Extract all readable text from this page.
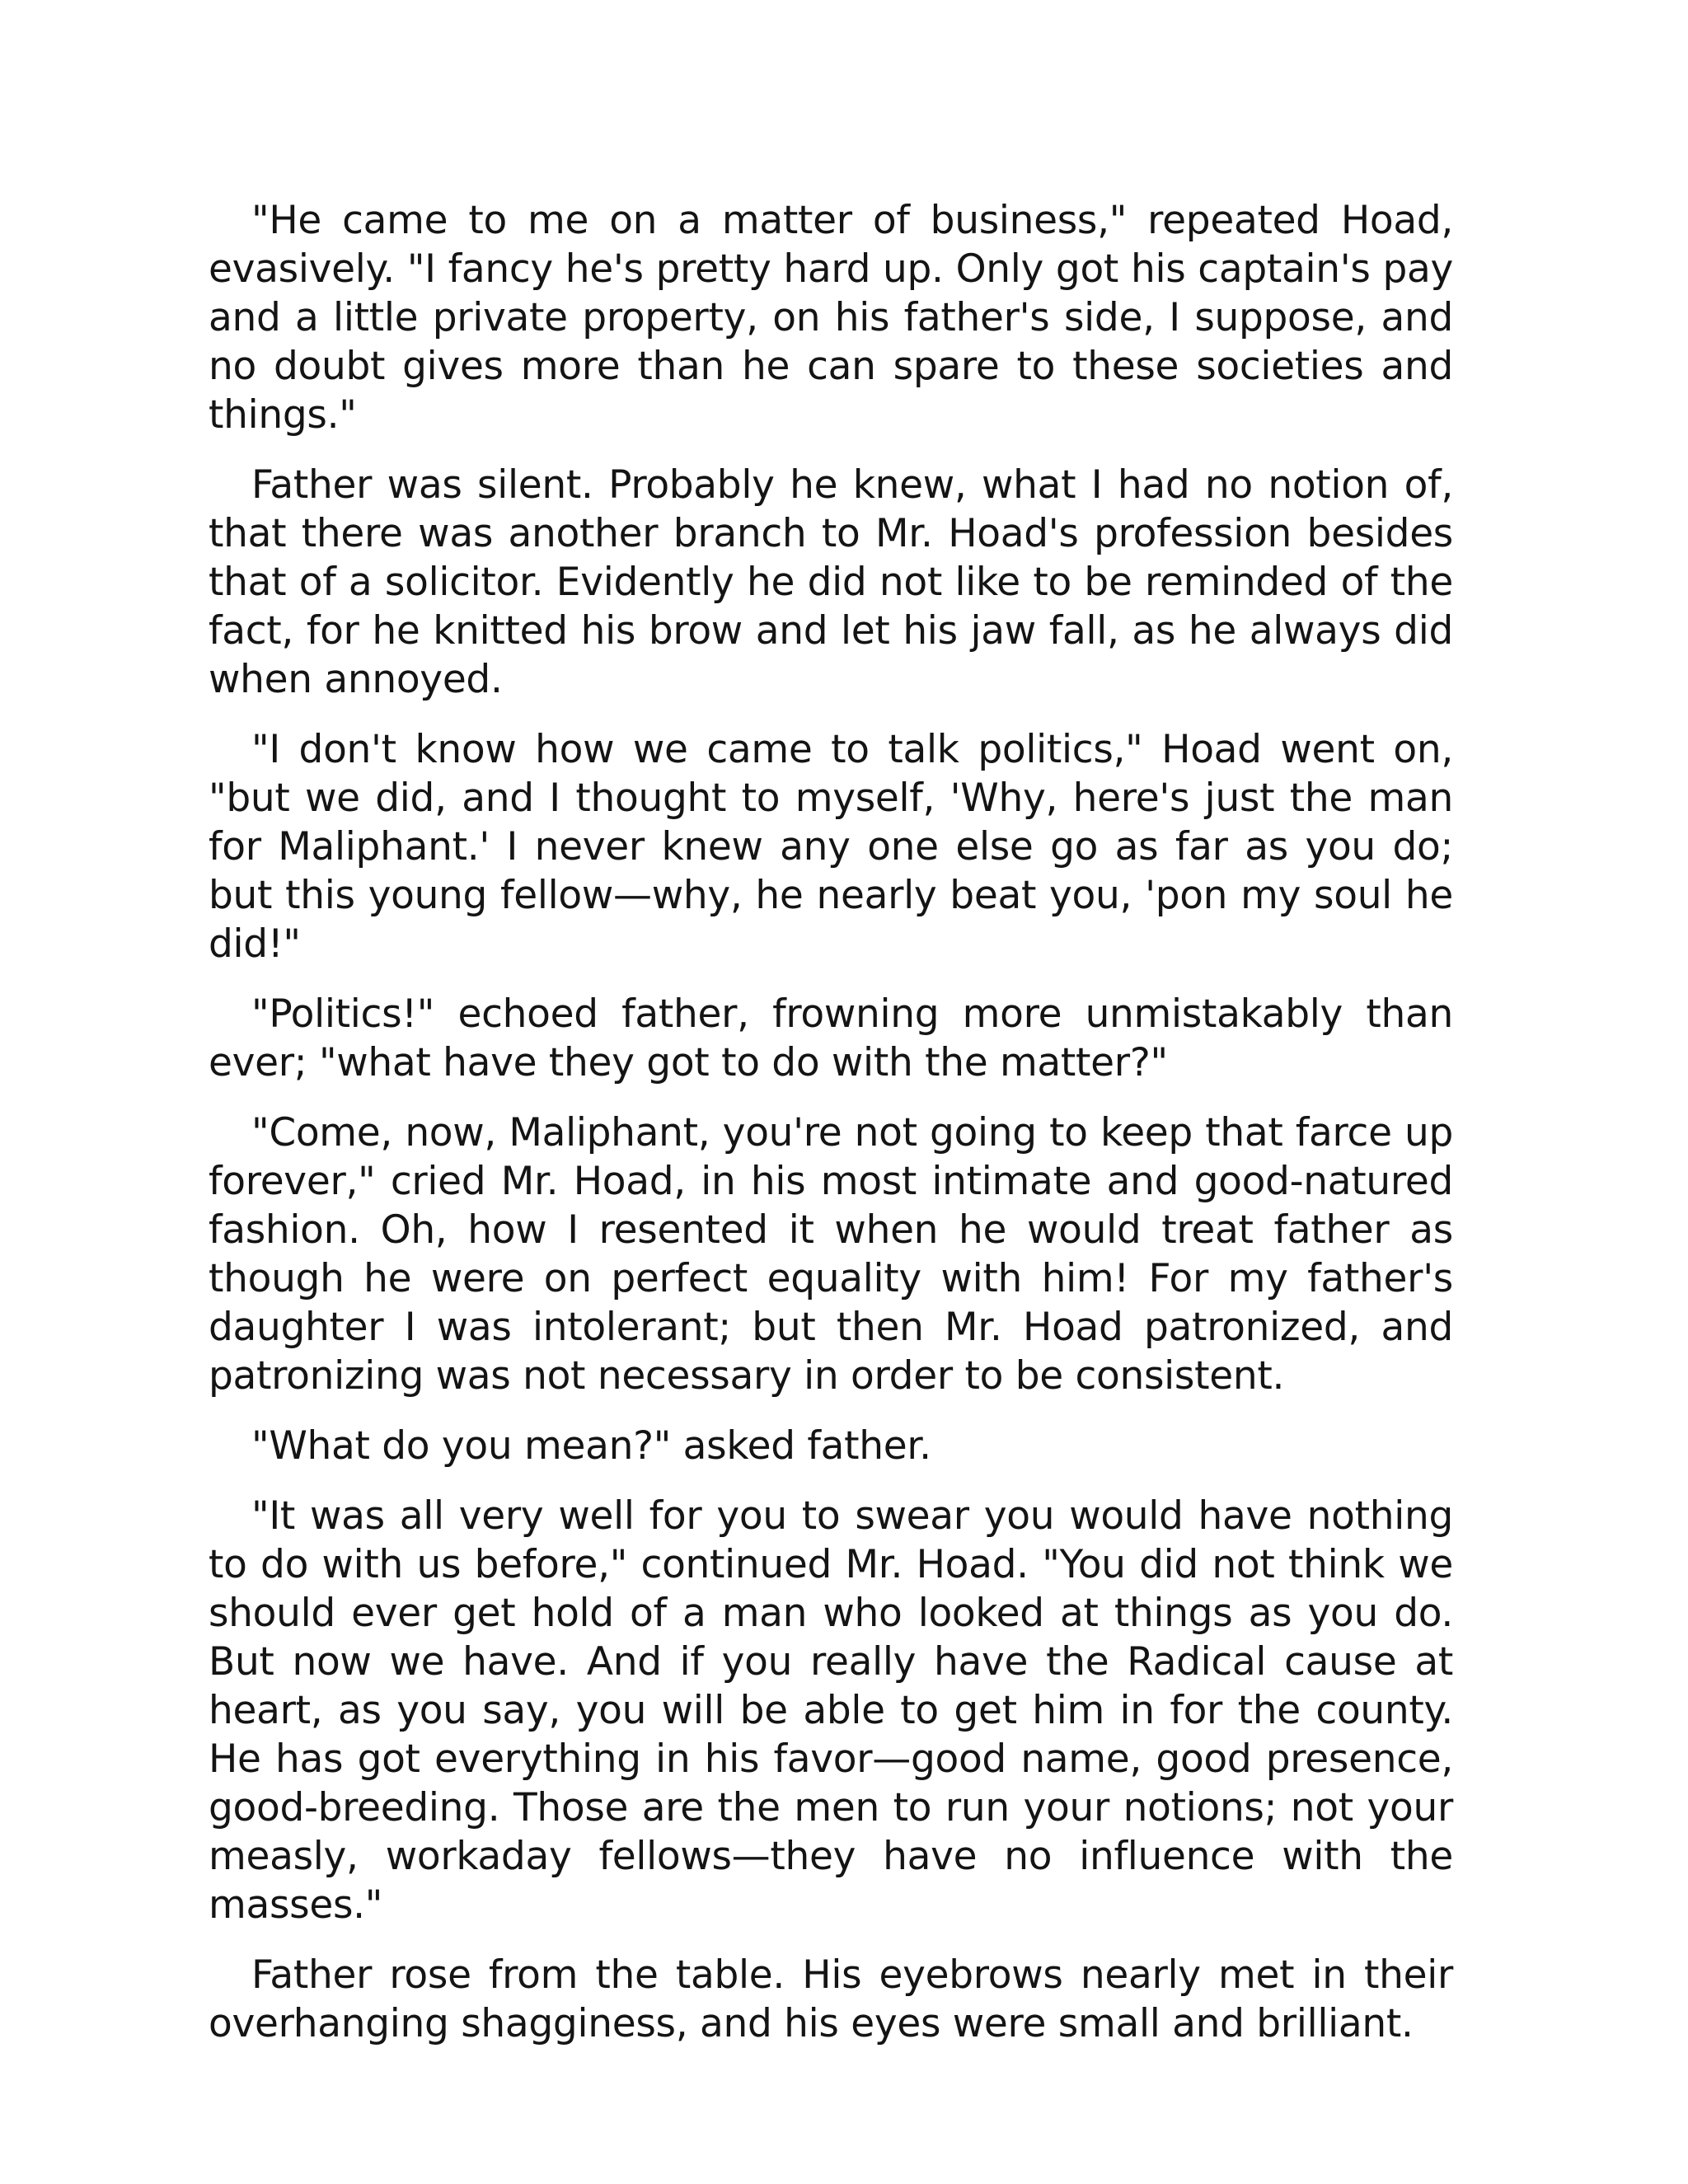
"He came to me on a matter of business," repeated Hoad, evasively. "I fancy he's pretty hard up. Only got his captain's pay and a little private property, on his father's side, I suppose, and no doubt gives more than he can spare to these societies and things."

Father was silent. Probably he knew, what I had no notion of, that there was another branch to Mr. Hoad's profession besides that of a solicitor. Evidently he did not like to be reminded of the fact, for he knitted his brow and let his jaw fall, as he always did when annoyed.

"I don't know how we came to talk politics," Hoad went on, "but we did, and I thought to myself, 'Why, here's just the man for Maliphant.' I never knew any one else go as far as you do; but this young fellow—why, he nearly beat you, 'pon my soul he did!"

"Politics!" echoed father, frowning more unmistakably than ever; "what have they got to do with the matter?"

"Come, now, Maliphant, you're not going to keep that farce up forever," cried Mr. Hoad, in his most intimate and good-natured fashion. Oh, how I resented it when he would treat father as though he were on perfect equality with him! For my father's daughter I was intolerant; but then Mr. Hoad patronized, and patronizing was not necessary in order to be consistent.

"What do you mean?" asked father.

"It was all very well for you to swear you would have nothing to do with us before," continued Mr. Hoad. "You did not think we should ever get hold of a man who looked at things as you do. But now we have. And if you really have the Radical cause at heart, as you say, you will be able to get him in for the county. He has got everything in his favor—good name, good presence, good-breeding. Those are the men to run your notions; not your measly, workaday fellows—they have no influence with the masses."

Father rose from the table. His eyebrows nearly met in their overhanging shagginess, and his eyes were small and brilliant.
